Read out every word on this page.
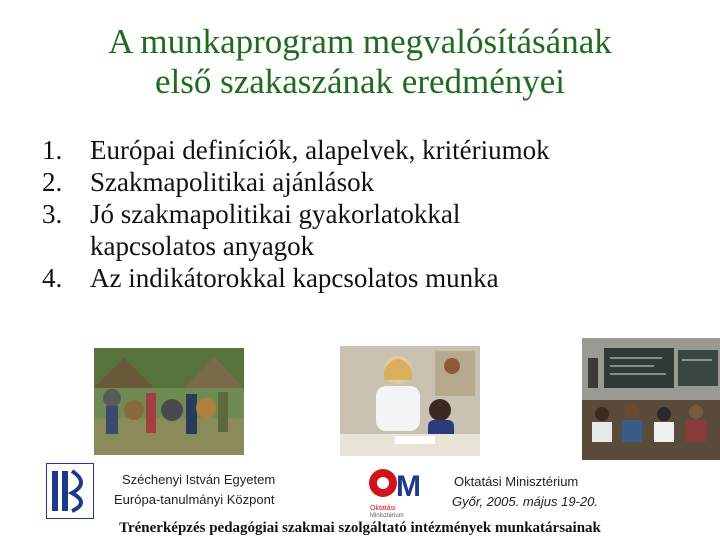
A munkaprogram megvalósításának
első szakaszának eredményei
1.	Európai definíciók, alapelvek, kritériumok
2.	Szakmapolitikai ajánlások
3.	Jó szakmapolitikai gyakorlatokkal kapcsolatos anyagok
4.	Az indikátorokkal kapcsolatos munka
Széchenyi István Egyetem
Európa-tanulmányi Központ	M
Oktatási
Minisztérium
Oktatási Minisztérium
Győr, 2005. május 19-20.
Trénerképzés pedagógiai szakmai szolgáltató intézmények munkatársainak
